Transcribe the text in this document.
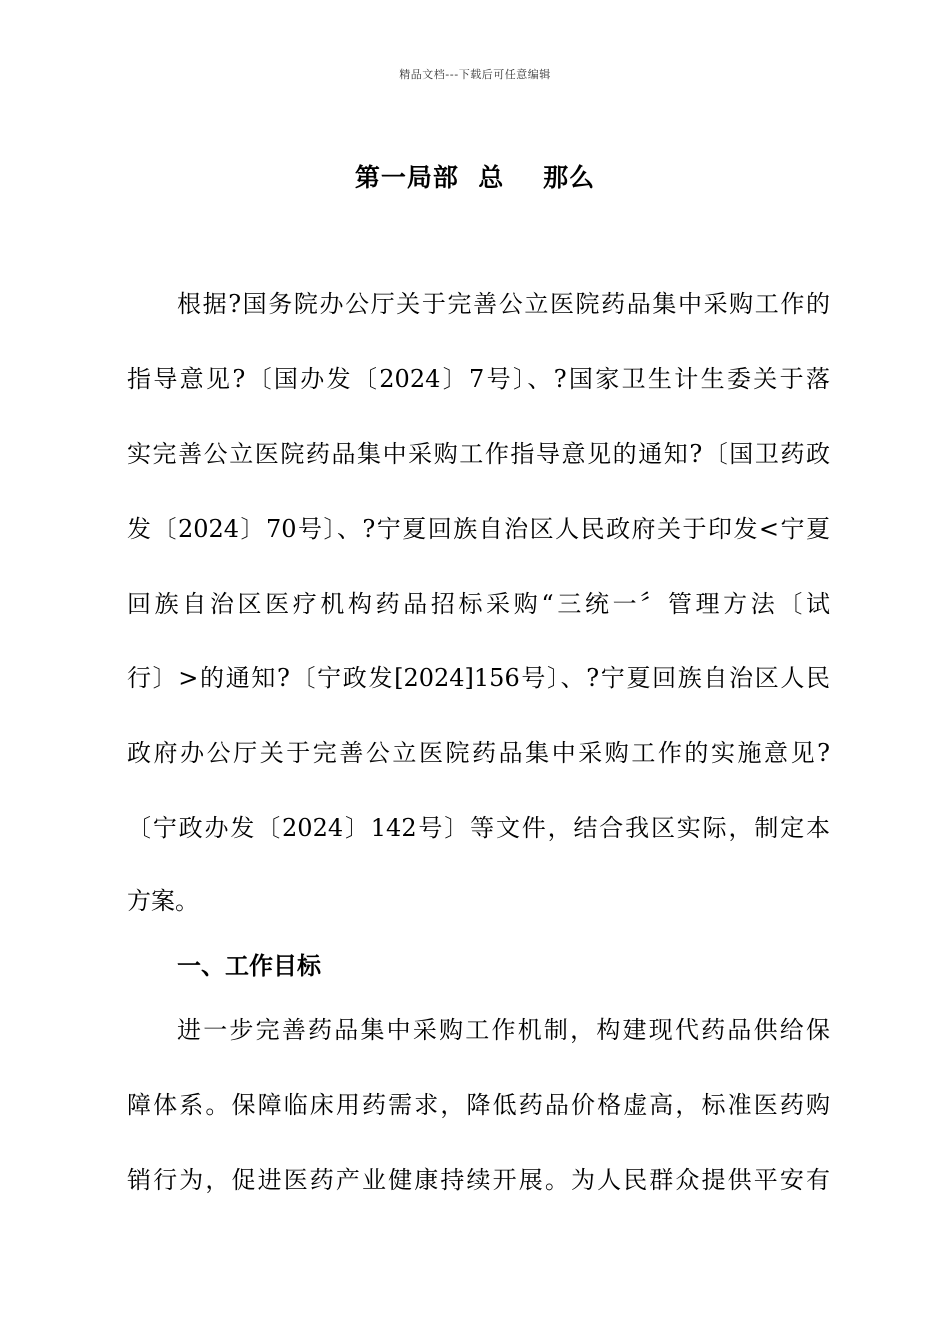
精品文档---下载后可任意编辑
第一局部  总    那么
根据?国务院办公厅关于完善公立医院药品集中采购工作的
指导意见?〔国办发〔2024〕7号〕、?国家卫生计生委关于落
实完善公立医院药品集中采购工作指导意见的通知?〔国卫药政
发〔2024〕70号〕、?宁夏回族自治区人民政府关于印发<宁夏
回族自治区医疗机构药品招标采购“三统一〞管理方法〔试
行〕>的通知?〔宁政发[2024]156号〕、?宁夏回族自治区人民
政府办公厅关于完善公立医院药品集中采购工作的实施意见?
〔宁政办发〔2024〕142号〕等文件，结合我区实际，制定本
方案。
一、工作目标
进一步完善药品集中采购工作机制，构建现代药品供给保
障体系。保障临床用药需求，降低药品价格虚高，标准医药购
销行为，促进医药产业健康持续开展。为人民群众提供平安有
